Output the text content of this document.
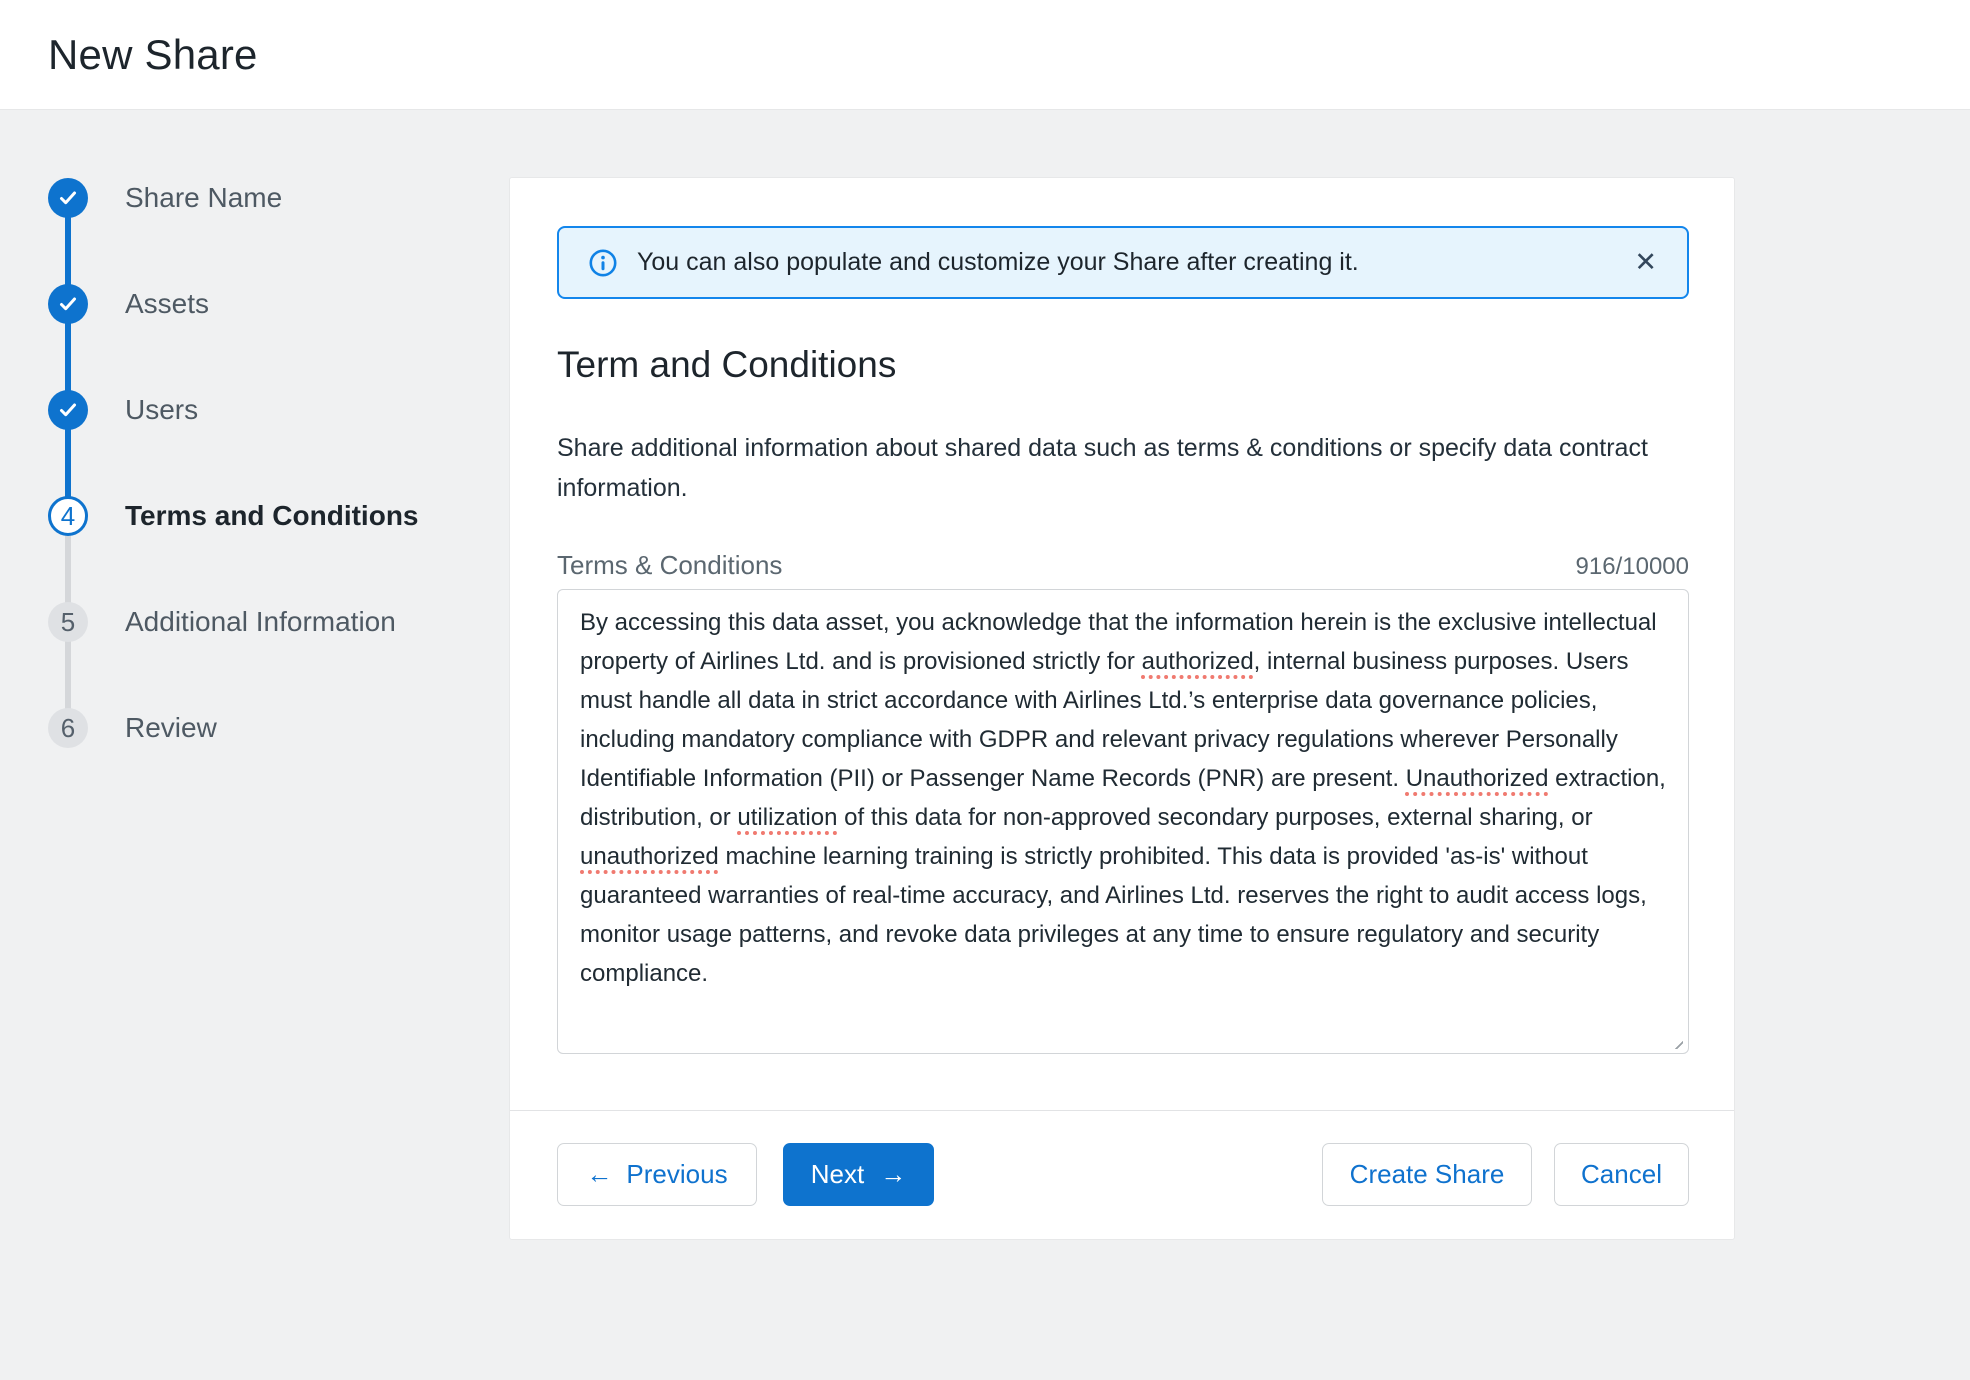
New Share
Share Name
Assets
Users
4	Terms and Conditions
5	Additional Information
6	Review
You can also populate and customize your Share after creating it.	✕
Term and Conditions
Share additional information about shared data such as terms & conditions or specify data contract information.
Terms & Conditions	916/10000
By accessing this data asset, you acknowledge that the information herein is the exclusive intellectual property of Airlines Ltd. and is provisioned strictly for authorized, internal business purposes. Users must handle all data in strict accordance with Airlines Ltd.’s enterprise data governance policies, including mandatory compliance with GDPR and relevant privacy regulations wherever Personally Identifiable Information (PII) or Passenger Name Records (PNR) are present. Unauthorized extraction, distribution, or utilization of this data for non-approved secondary purposes, external sharing, or unauthorized machine learning training is strictly prohibited. This data is provided 'as-is' without guaranteed warranties of real-time accuracy, and Airlines Ltd. reserves the right to audit access logs, monitor usage patterns, and revoke data privileges at any time to ensure regulatory and security compliance.
← Previous	Next →	Create Share	Cancel
